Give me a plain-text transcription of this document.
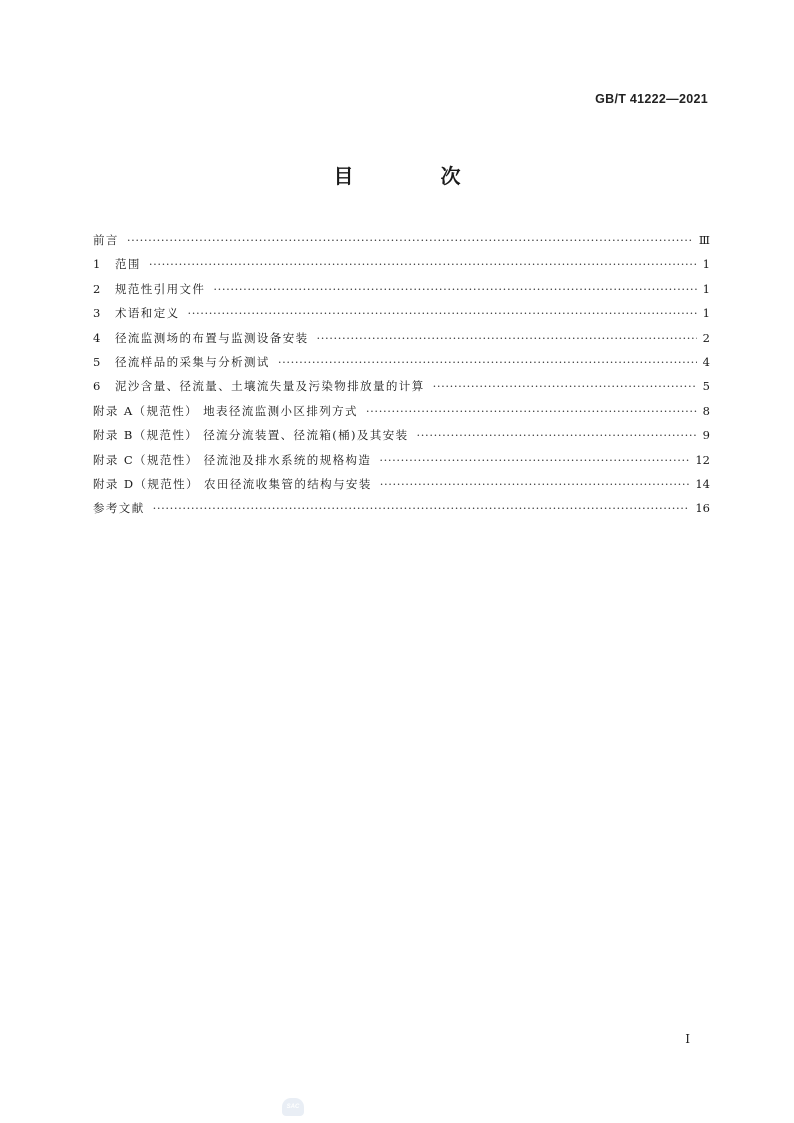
GB/T 41222—2021
目 次
前言 ·····	Ⅲ
1	范围 ·····	1
2	规范性引用文件 ·····	1
3	术语和定义 ·····	1
4	径流监测场的布置与监测设备安装 ·····	2
5	径流样品的采集与分析测试 ·····	4
6	泥沙含量、径流量、土壤流失量及污染物排放量的计算 ·····	5
附录 A（规范性） 地表径流监测小区排列方式 ·····	8
附录 B（规范性） 径流分流装置、径流箱(桶)及其安装 ·····	9
附录 C（规范性） 径流池及排水系统的规格构造 ·····	12
附录 D（规范性） 农田径流收集管的结构与安装 ·····	14
参考文献 ·····	16
I
SAC
